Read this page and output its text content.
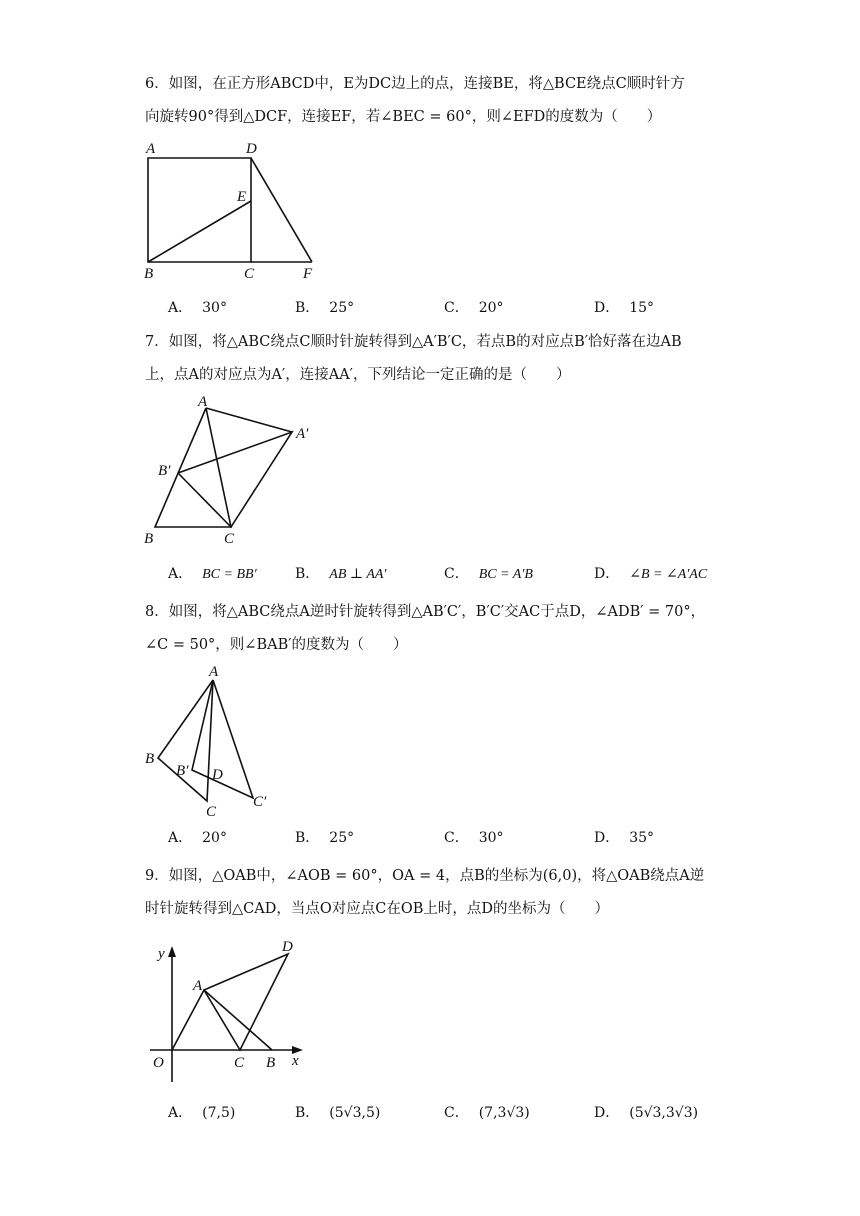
6．如图，在正方形ABCD中，E为DC边上的点，连接BE，将△BCE绕点C顺时针方

向旋转90°得到△DCF，连接EF，若∠BEC = 60°，则∠EFD的度数为（　　）

A	D
E
B	C	F
A． 30°	B． 25°	C． 20°	D． 15°

7．如图，将△ABC绕点C顺时针旋转得到△A′B′C，若点B的对应点B′恰好落在边AB

上，点A的对应点为A′，连接AA′，下列结论一定正确的是（　　）

A
A′
B′
B	C
A． BC = BB′	B． AB ⊥ AA′	C． BC = A′B	D． ∠B = ∠A′AC

8．如图，将△ABC绕点A逆时针旋转得到△AB′C′，B′C′交AC于点D，∠ADB′ = 70°，

∠C = 50°，则∠BAB′的度数为（　　）

A
B
B′ D
C
C′
A． 20°	B． 25°	C． 30°	D． 35°

9．如图，△OAB中，∠AOB = 60°，OA = 4，点B的坐标为(6,0)，将△OAB绕点A逆

时针旋转得到△CAD，当点O对应点C在OB上时，点D的坐标为（　　）

y	D
A
O	C B x
A． (7,5)	B． (5√3,5)	C． (7,3√3)	D． (5√3,3√3)
